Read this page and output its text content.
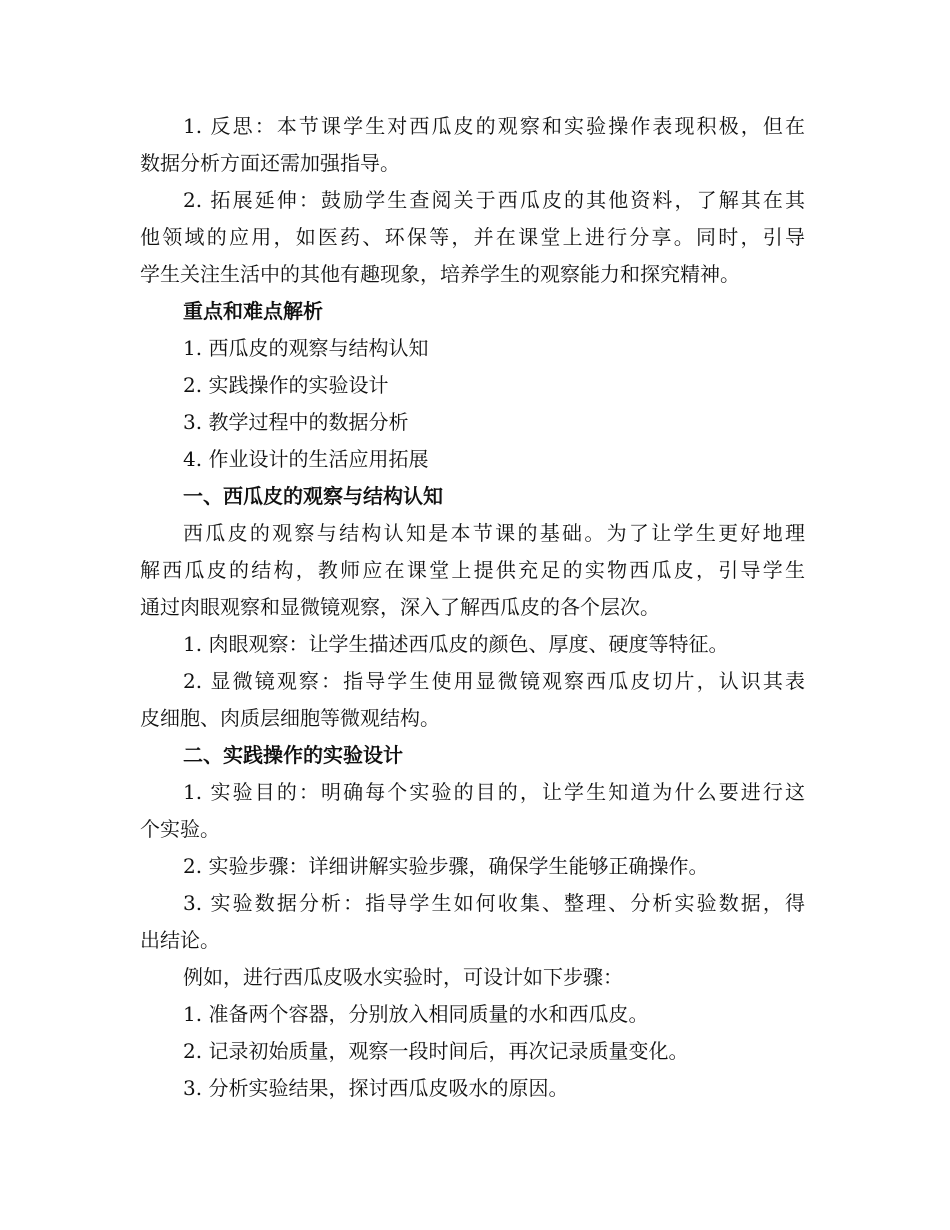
1. 反思：本节课学生对西瓜皮的观察和实验操作表现积极，但在
数据分析方面还需加强指导。
2. 拓展延伸：鼓励学生查阅关于西瓜皮的其他资料，了解其在其
他领域的应用，如医药、环保等，并在课堂上进行分享。同时，引导
学生关注生活中的其他有趣现象，培养学生的观察能力和探究精神。
重点和难点解析
1. 西瓜皮的观察与结构认知
2. 实践操作的实验设计
3. 教学过程中的数据分析
4. 作业设计的生活应用拓展
一、西瓜皮的观察与结构认知
西瓜皮的观察与结构认知是本节课的基础。为了让学生更好地理
解西瓜皮的结构，教师应在课堂上提供充足的实物西瓜皮，引导学生
通过肉眼观察和显微镜观察，深入了解西瓜皮的各个层次。
1. 肉眼观察：让学生描述西瓜皮的颜色、厚度、硬度等特征。
2. 显微镜观察：指导学生使用显微镜观察西瓜皮切片，认识其表
皮细胞、肉质层细胞等微观结构。
二、实践操作的实验设计
1. 实验目的：明确每个实验的目的，让学生知道为什么要进行这
个实验。
2. 实验步骤：详细讲解实验步骤，确保学生能够正确操作。
3. 实验数据分析：指导学生如何收集、整理、分析实验数据，得
出结论。
例如，进行西瓜皮吸水实验时，可设计如下步骤：
1. 准备两个容器，分别放入相同质量的水和西瓜皮。
2. 记录初始质量，观察一段时间后，再次记录质量变化。
3. 分析实验结果，探讨西瓜皮吸水的原因。
